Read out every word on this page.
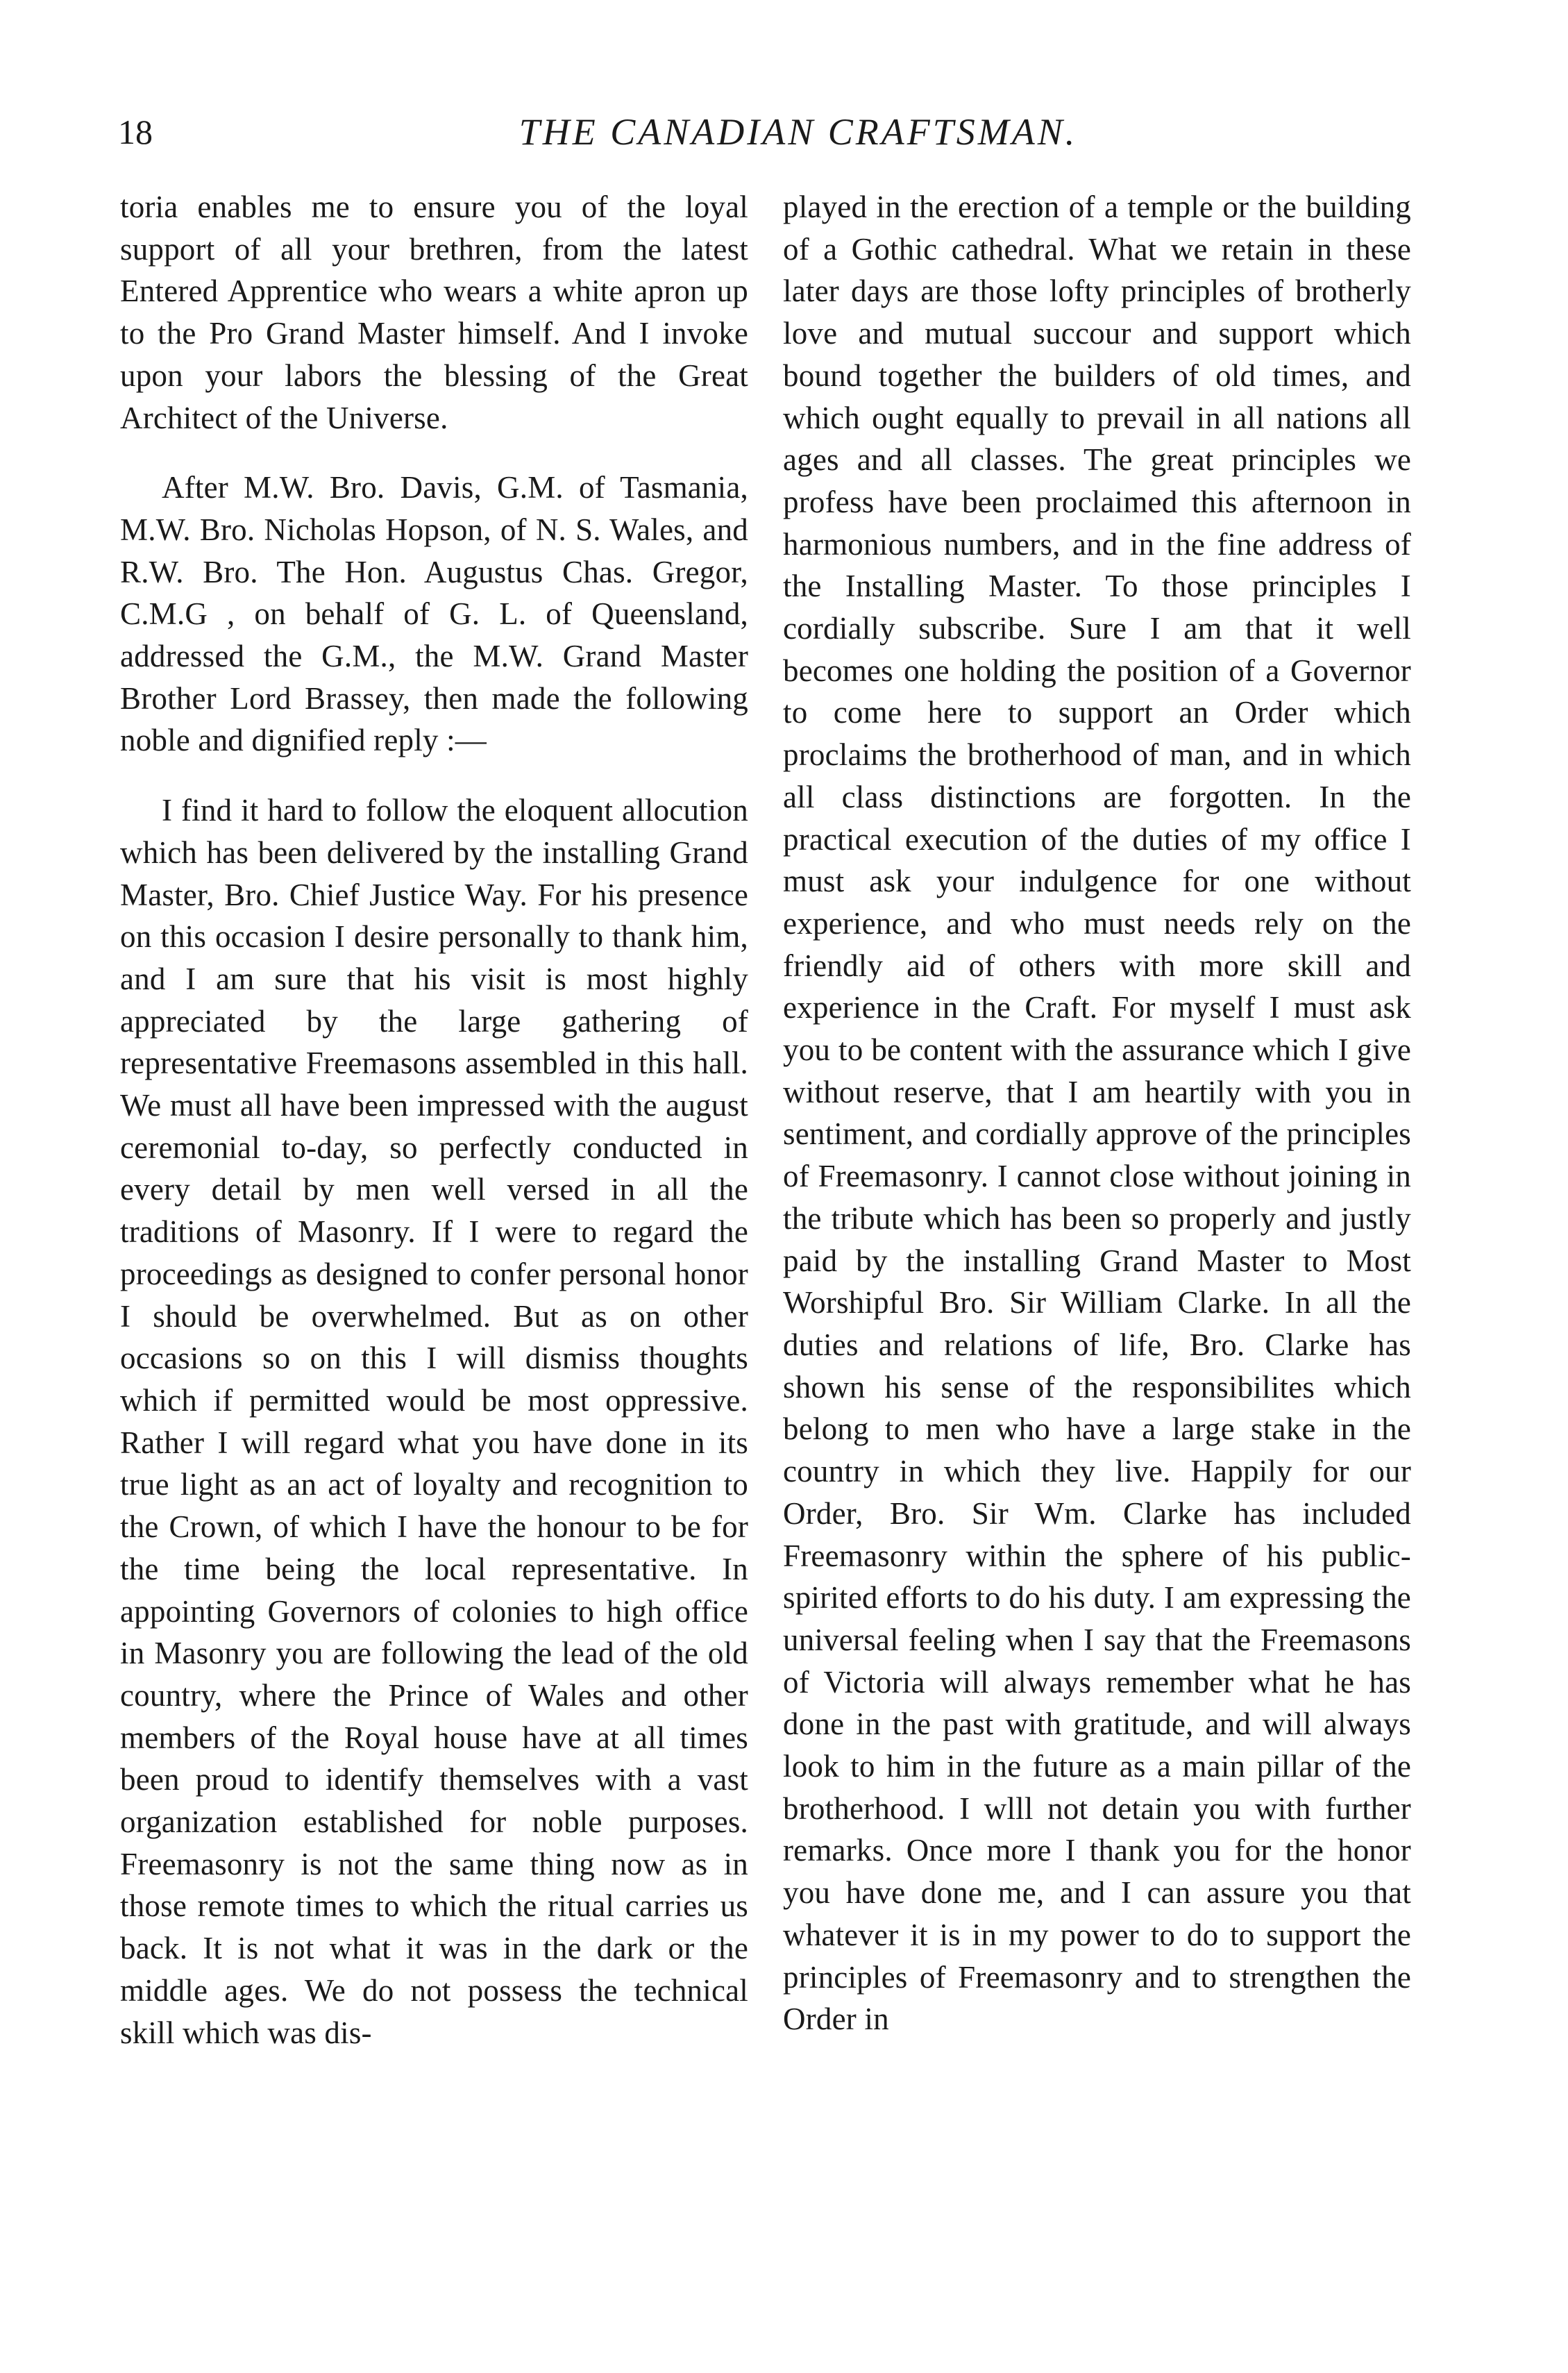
18	THE CANADIAN CRAFTSMAN.

toria enables me to ensure you of the loyal support of all your brethren, from the latest Entered Apprentice who wears a white apron up to the Pro Grand Master himself. And I invoke upon your labors the blessing of the Great Architect of the Universe.

After M.W. Bro. Davis, G.M. of Tasmania, M.W. Bro. Nicholas Hopson, of N. S. Wales, and R.W. Bro. The Hon. Augustus Chas. Gregor, C.M.G , on behalf of G. L. of Queensland, addressed the G.M., the M.W. Grand Master Brother Lord Brassey, then made the following noble and dignified reply :—

I find it hard to follow the eloquent allocution which has been delivered by the installing Grand Master, Bro. Chief Justice Way. For his presence on this occasion I desire personally to thank him, and I am sure that his visit is most highly appreciated by the large gathering of representative Freemasons assembled in this hall. We must all have been impressed with the august ceremonial to-day, so perfectly conducted in every detail by men well versed in all the traditions of Masonry. If I were to regard the proceedings as designed to confer personal honor I should be overwhelmed. But as on other occasions so on this I will dismiss thoughts which if permitted would be most oppressive. Rather I will regard what you have done in its true light as an act of loyalty and recognition to the Crown, of which I have the honour to be for the time being the local representative. In appointing Governors of colonies to high office in Masonry you are following the lead of the old country, where the Prince of Wales and other members of the Royal house have at all times been proud to identify themselves with a vast organization established for noble purposes. Freemasonry is not the same thing now as in those remote times to which the ritual carries us back. It is not what it was in the dark or the middle ages. We do not possess the technical skill which was dis-

played in the erection of a temple or the building of a Gothic cathedral. What we retain in these later days are those lofty principles of brotherly love and mutual succour and support which bound together the builders of old times, and which ought equally to prevail in all nations all ages and all classes. The great principles we profess have been proclaimed this afternoon in harmonious numbers, and in the fine address of the Installing Master. To those principles I cordially subscribe. Sure I am that it well becomes one holding the position of a Governor to come here to support an Order which proclaims the brotherhood of man, and in which all class distinctions are forgotten. In the practical execution of the duties of my office I must ask your indulgence for one without experience, and who must needs rely on the friendly aid of others with more skill and experience in the Craft. For myself I must ask you to be content with the assurance which I give without reserve, that I am heartily with you in sentiment, and cordially approve of the principles of Freemasonry. I cannot close without joining in the tribute which has been so properly and justly paid by the installing Grand Master to Most Worshipful Bro. Sir William Clarke. In all the duties and relations of life, Bro. Clarke has shown his sense of the responsibilites which belong to men who have a large stake in the country in which they live. Happily for our Order, Bro. Sir Wm. Clarke has included Freemasonry within the sphere of his public-spirited efforts to do his duty. I am expressing the universal feeling when I say that the Freemasons of Victoria will always remember what he has done in the past with gratitude, and will always look to him in the future as a main pillar of the brotherhood. I wlll not detain you with further remarks. Once more I thank you for the honor you have done me, and I can assure you that whatever it is in my power to do to support the principles of Freemasonry and to strengthen the Order in
